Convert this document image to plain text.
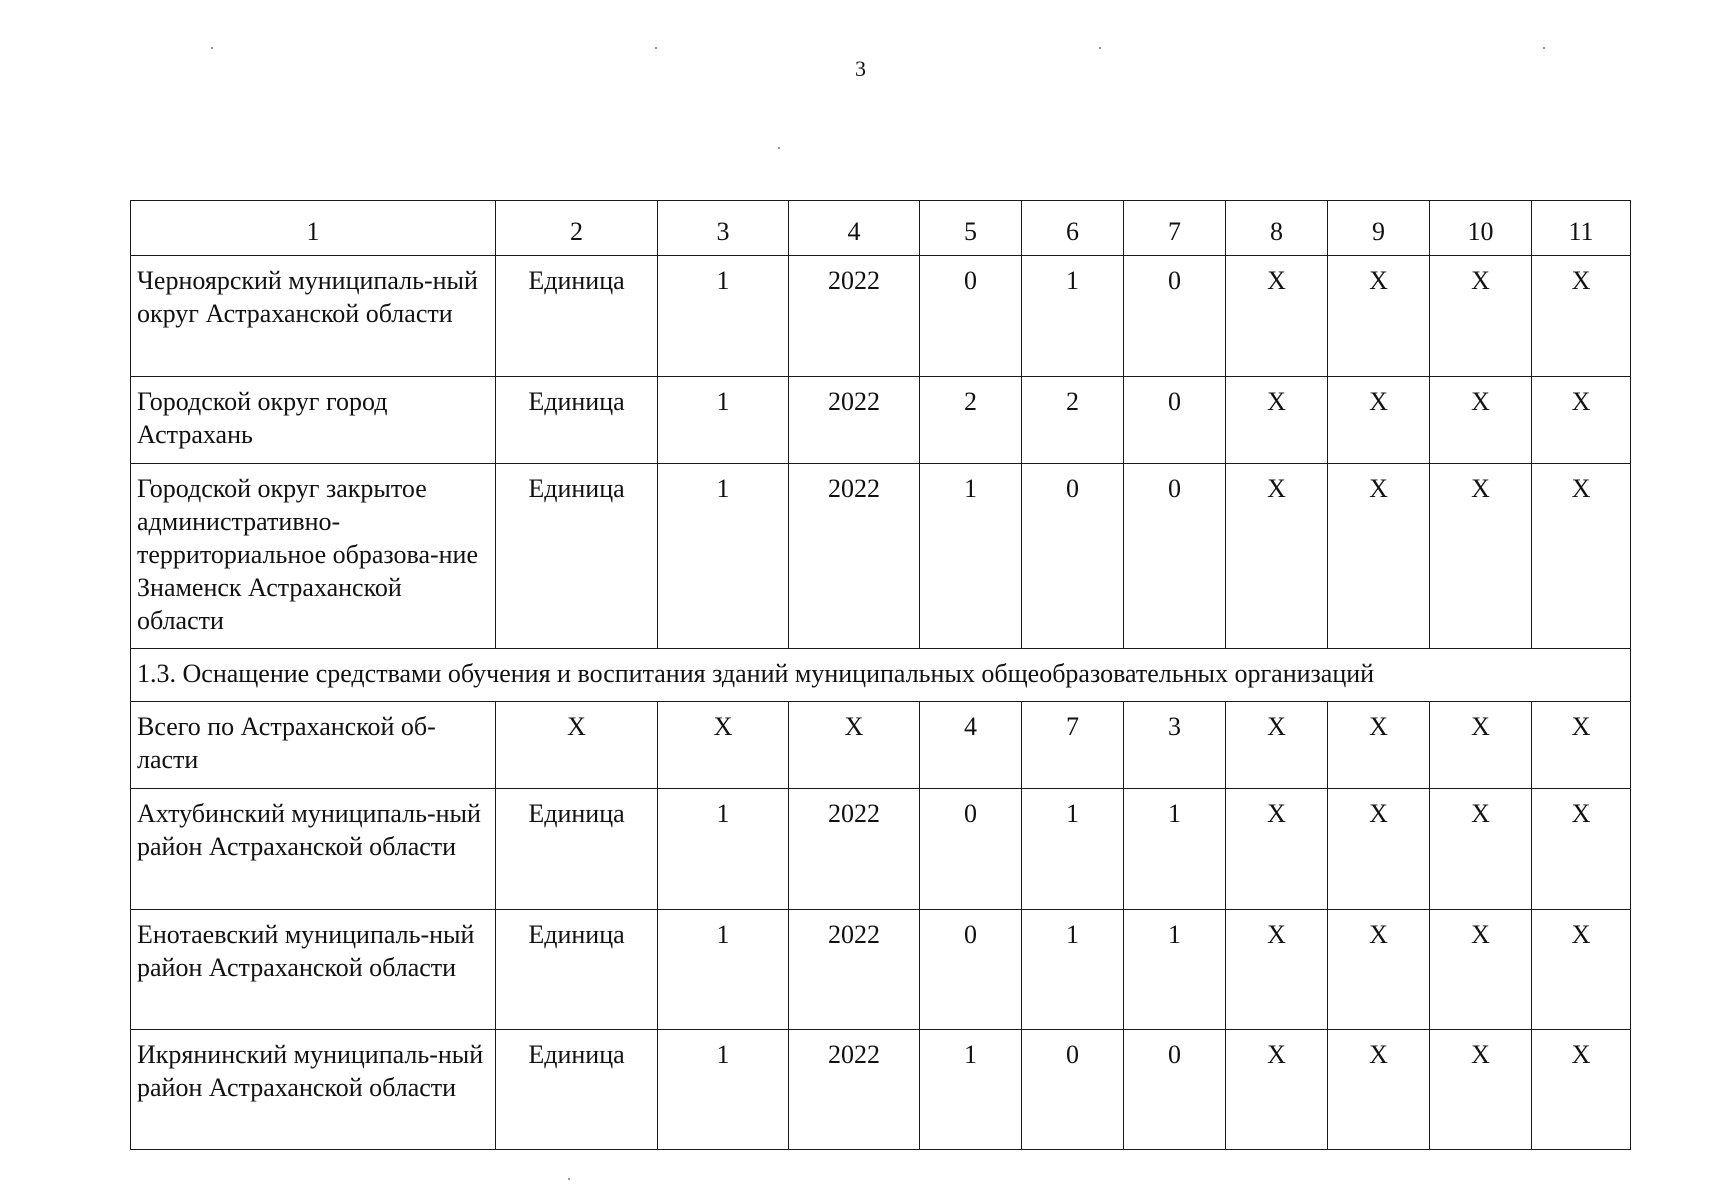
3
1	2	3	4	5	6	7	8	9	10	11
Черноярский муниципаль-ный округ Астраханской области	Единица	1	2022	0	1	0	X	X	X	X
Городской округ город Астрахань	Единица	1	2022	2	2	0	X	X	X	X
Городской округ закрытое административно-территориальное образова-ние Знаменск Астраханской области	Единица	1	2022	1	0	0	X	X	X	X
1.3. Оснащение средствами обучения и воспитания зданий муниципальных общеобразовательных организаций										
Всего по Астраханской об-ласти	X	X	X	4	7	3	X	X	X	X
Ахтубинский муниципаль-ный район Астраханской области	Единица	1	2022	0	1	1	X	X	X	X
Енотаевский муниципаль-ный район Астраханской области	Единица	1	2022	0	1	1	X	X	X	X
Икрянинский муниципаль-ный район Астраханской области	Единица	1	2022	1	0	0	X	X	X	X
